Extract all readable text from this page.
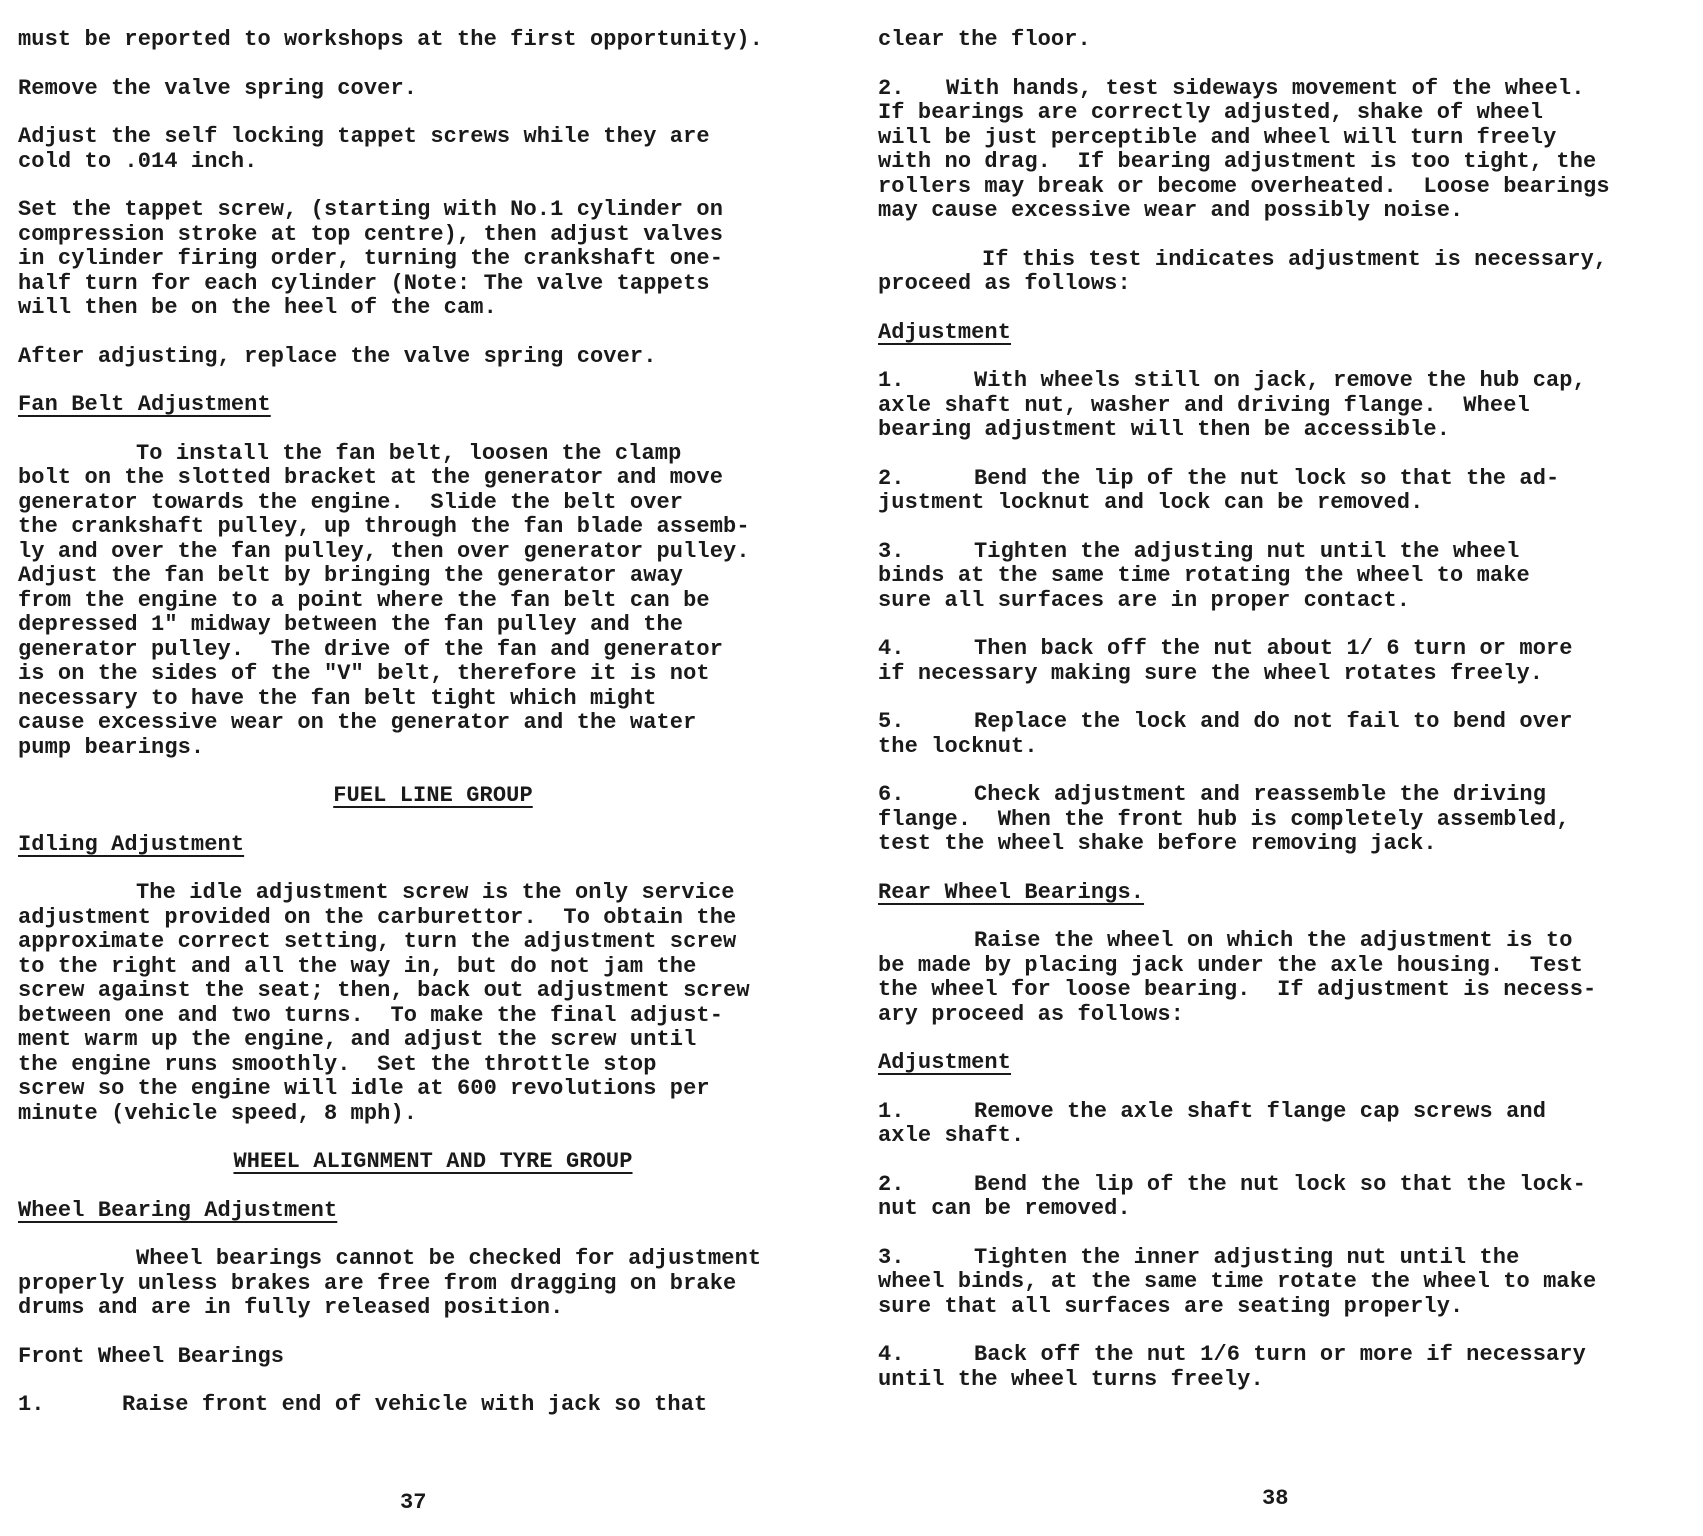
must be reported to workshops at the first opportunity).

Remove the valve spring cover.

Adjust the self locking tappet screws while they are
cold to .014 inch.

Set the tappet screw, (starting with No.1 cylinder on
compression stroke at top centre), then adjust valves
in cylinder firing order, turning the crankshaft one-
half turn for each cylinder (Note: The valve tappets
will then be on the heel of the cam.

After adjusting, replace the valve spring cover.

Fan Belt Adjustment

To install the fan belt, loosen the clamp
bolt on the slotted bracket at the generator and move
generator towards the engine.  Slide the belt over
the crankshaft pulley, up through the fan blade assemb-
ly and over the fan pulley, then over generator pulley.
Adjust the fan belt by bringing the generator away
from the engine to a point where the fan belt can be
depressed 1" midway between the fan pulley and the
generator pulley.  The drive of the fan and generator
is on the sides of the "V" belt, therefore it is not
necessary to have the fan belt tight which might
cause excessive wear on the generator and the water
pump bearings.

FUEL LINE GROUP
Idling Adjustment

The idle adjustment screw is the only service
adjustment provided on the carburettor.  To obtain the
approximate correct setting, turn the adjustment screw
to the right and all the way in, but do not jam the
screw against the seat; then, back out adjustment screw
between one and two turns.  To make the final adjust-
ment warm up the engine, and adjust the screw until
the engine runs smoothly.  Set the throttle stop
screw so the engine will idle at 600 revolutions per
minute (vehicle speed, 8 mph).

WHEEL ALIGNMENT AND TYRE GROUP
Wheel Bearing Adjustment

Wheel bearings cannot be checked for adjustment
properly unless brakes are free from dragging on brake
drums and are in fully released position.

Front Wheel Bearings

1.	Raise front end of vehicle with jack so that
37

clear the floor.

2.	With hands, test sideways movement of the wheel.
If bearings are correctly adjusted, shake of wheel
will be just perceptible and wheel will turn freely
with no drag.  If bearing adjustment is too tight, the
rollers may break or become overheated.  Loose bearings
may cause excessive wear and possibly noise.

If this test indicates adjustment is necessary,
proceed as follows:

Adjustment
1.	With wheels still on jack, remove the hub cap,
axle shaft nut, washer and driving flange.  Wheel
bearing adjustment will then be accessible.
2.	Bend the lip of the nut lock so that the ad-
justment locknut and lock can be removed.
3.	Tighten the adjusting nut until the wheel
binds at the same time rotating the wheel to make
sure all surfaces are in proper contact.
4.	Then back off the nut about 1/ 6 turn or more
if necessary making sure the wheel rotates freely.
5.	Replace the lock and do not fail to bend over
the locknut.
6.	Check adjustment and reassemble the driving
flange.  When the front hub is completely assembled,
test the wheel shake before removing jack.
Rear Wheel Bearings.

Raise the wheel on which the adjustment is to
be made by placing jack under the axle housing.  Test
the wheel for loose bearing.  If adjustment is necess-
ary proceed as follows:

Adjustment
1.	Remove the axle shaft flange cap screws and
axle shaft.
2.	Bend the lip of the nut lock so that the lock-
nut can be removed.
3.	Tighten the inner adjusting nut until the
wheel binds, at the same time rotate the wheel to make
sure that all surfaces are seating properly.
4.	Back off the nut 1/6 turn or more if necessary
until the wheel turns freely.
38
